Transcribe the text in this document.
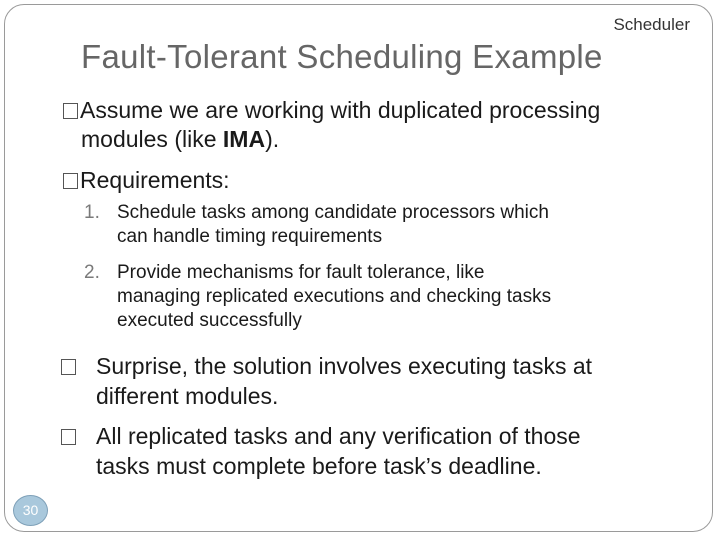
Scheduler
Fault-Tolerant Scheduling Example
Assume we are working with duplicated processing
modules (like IMA).
Requirements:
1. Schedule tasks among candidate processors which
can handle timing requirements
2. Provide mechanisms for fault tolerance, like
managing replicated executions and checking tasks
executed successfully
Surprise, the solution involves executing tasks at
different modules.
All replicated tasks and any verification of those
tasks must complete before task’s deadline.
30
